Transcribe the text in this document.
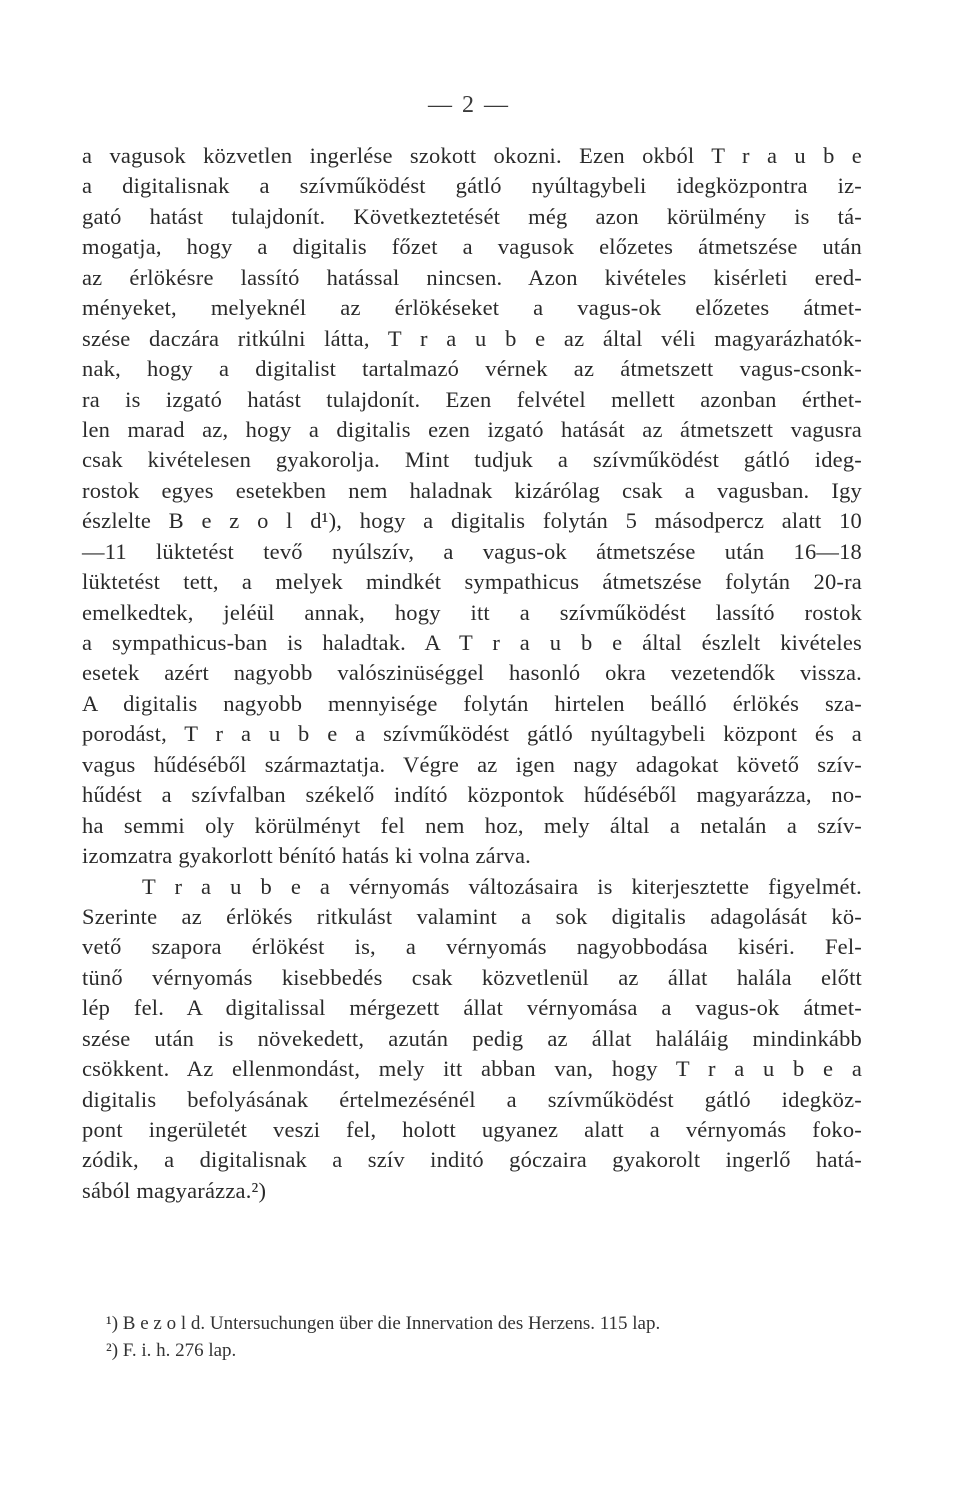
— 2 —
a vagusok közvetlen ingerlése szokott okozni. Ezen okból T r a u b e
a digitalisnak a szívműködést gátló nyúltagybeli idegközpontra iz-
gató hatást tulajdonít. Következtetését még azon körülmény is tá-
mogatja, hogy a digitalis főzet a vagusok előzetes átmetszése után
az érlökésre lassító hatással nincsen. Azon kivételes kisérleti ered-
ményeket, melyeknél az érlökéseket a vagus-ok előzetes átmet-
szése daczára ritkúlni látta, T r a u b e az által véli magyarázhatók-
nak, hogy a digitalist tartalmazó vérnek az átmetszett vagus-csonk-
ra is izgató hatást tulajdonít. Ezen felvétel mellett azonban érthet-
len marad az, hogy a digitalis ezen izgató hatását az átmetszett vagusra
csak kivételesen gyakorolja. Mint tudjuk a szívműködést gátló ideg-
rostok egyes esetekben nem haladnak kizárólag csak a vagusban. Igy
észlelte B e z o l d¹), hogy a digitalis folytán 5 másodpercz alatt 10
—11 lüktetést tevő nyúlszív, a vagus-ok átmetszése után 16—18
lüktetést tett, a melyek mindkét sympathicus átmetszése folytán 20-ra
emelkedtek, jeléül annak, hogy itt a szívműködést lassító rostok
a sympathicus-ban is haladtak. A T r a u b e által észlelt kivételes
esetek azért nagyobb valószinüséggel hasonló okra vezetendők vissza.
A digitalis nagyobb mennyisége folytán hirtelen beálló érlökés sza-
porodást, T r a u b e a szívműködést gátló nyúltagybeli központ és a
vagus hűdéséből származtatja. Végre az igen nagy adagokat követő szív-
hűdést a szívfalban székelő indító központok hűdéséből magyarázza, no-
ha semmi oly körülményt fel nem hoz, mely által a netalán a szív-
izomzatra gyakorlott bénító hatás ki volna zárva.
T r a u b e a vérnyomás változásaira is kiterjesztette figyelmét.
Szerinte az érlökés ritkulást valamint a sok digitalis adagolását kö-
vető szapora érlökést is, a vérnyomás nagyobbodása kiséri. Fel-
tünő vérnyomás kisebbedés csak közvetlenül az állat halála előtt
lép fel. A digitalissal mérgezett állat vérnyomása a vagus-ok átmet-
szése után is növekedett, azután pedig az állat haláláig mindinkább
csökkent. Az ellenmondást, mely itt abban van, hogy T r a u b e a
digitalis befolyásának értelmezésénél a szívműködést gátló idegköz-
pont ingerületét veszi fel, holott ugyanez alatt a vérnyomás foko-
zódik, a digitalisnak a szív inditó góczaira gyakorolt ingerlő hatá-
sából magyarázza.²)
¹) B e z o l d. Untersuchungen über die Innervation des Herzens. 115 lap.
²) F. i. h. 276 lap.
